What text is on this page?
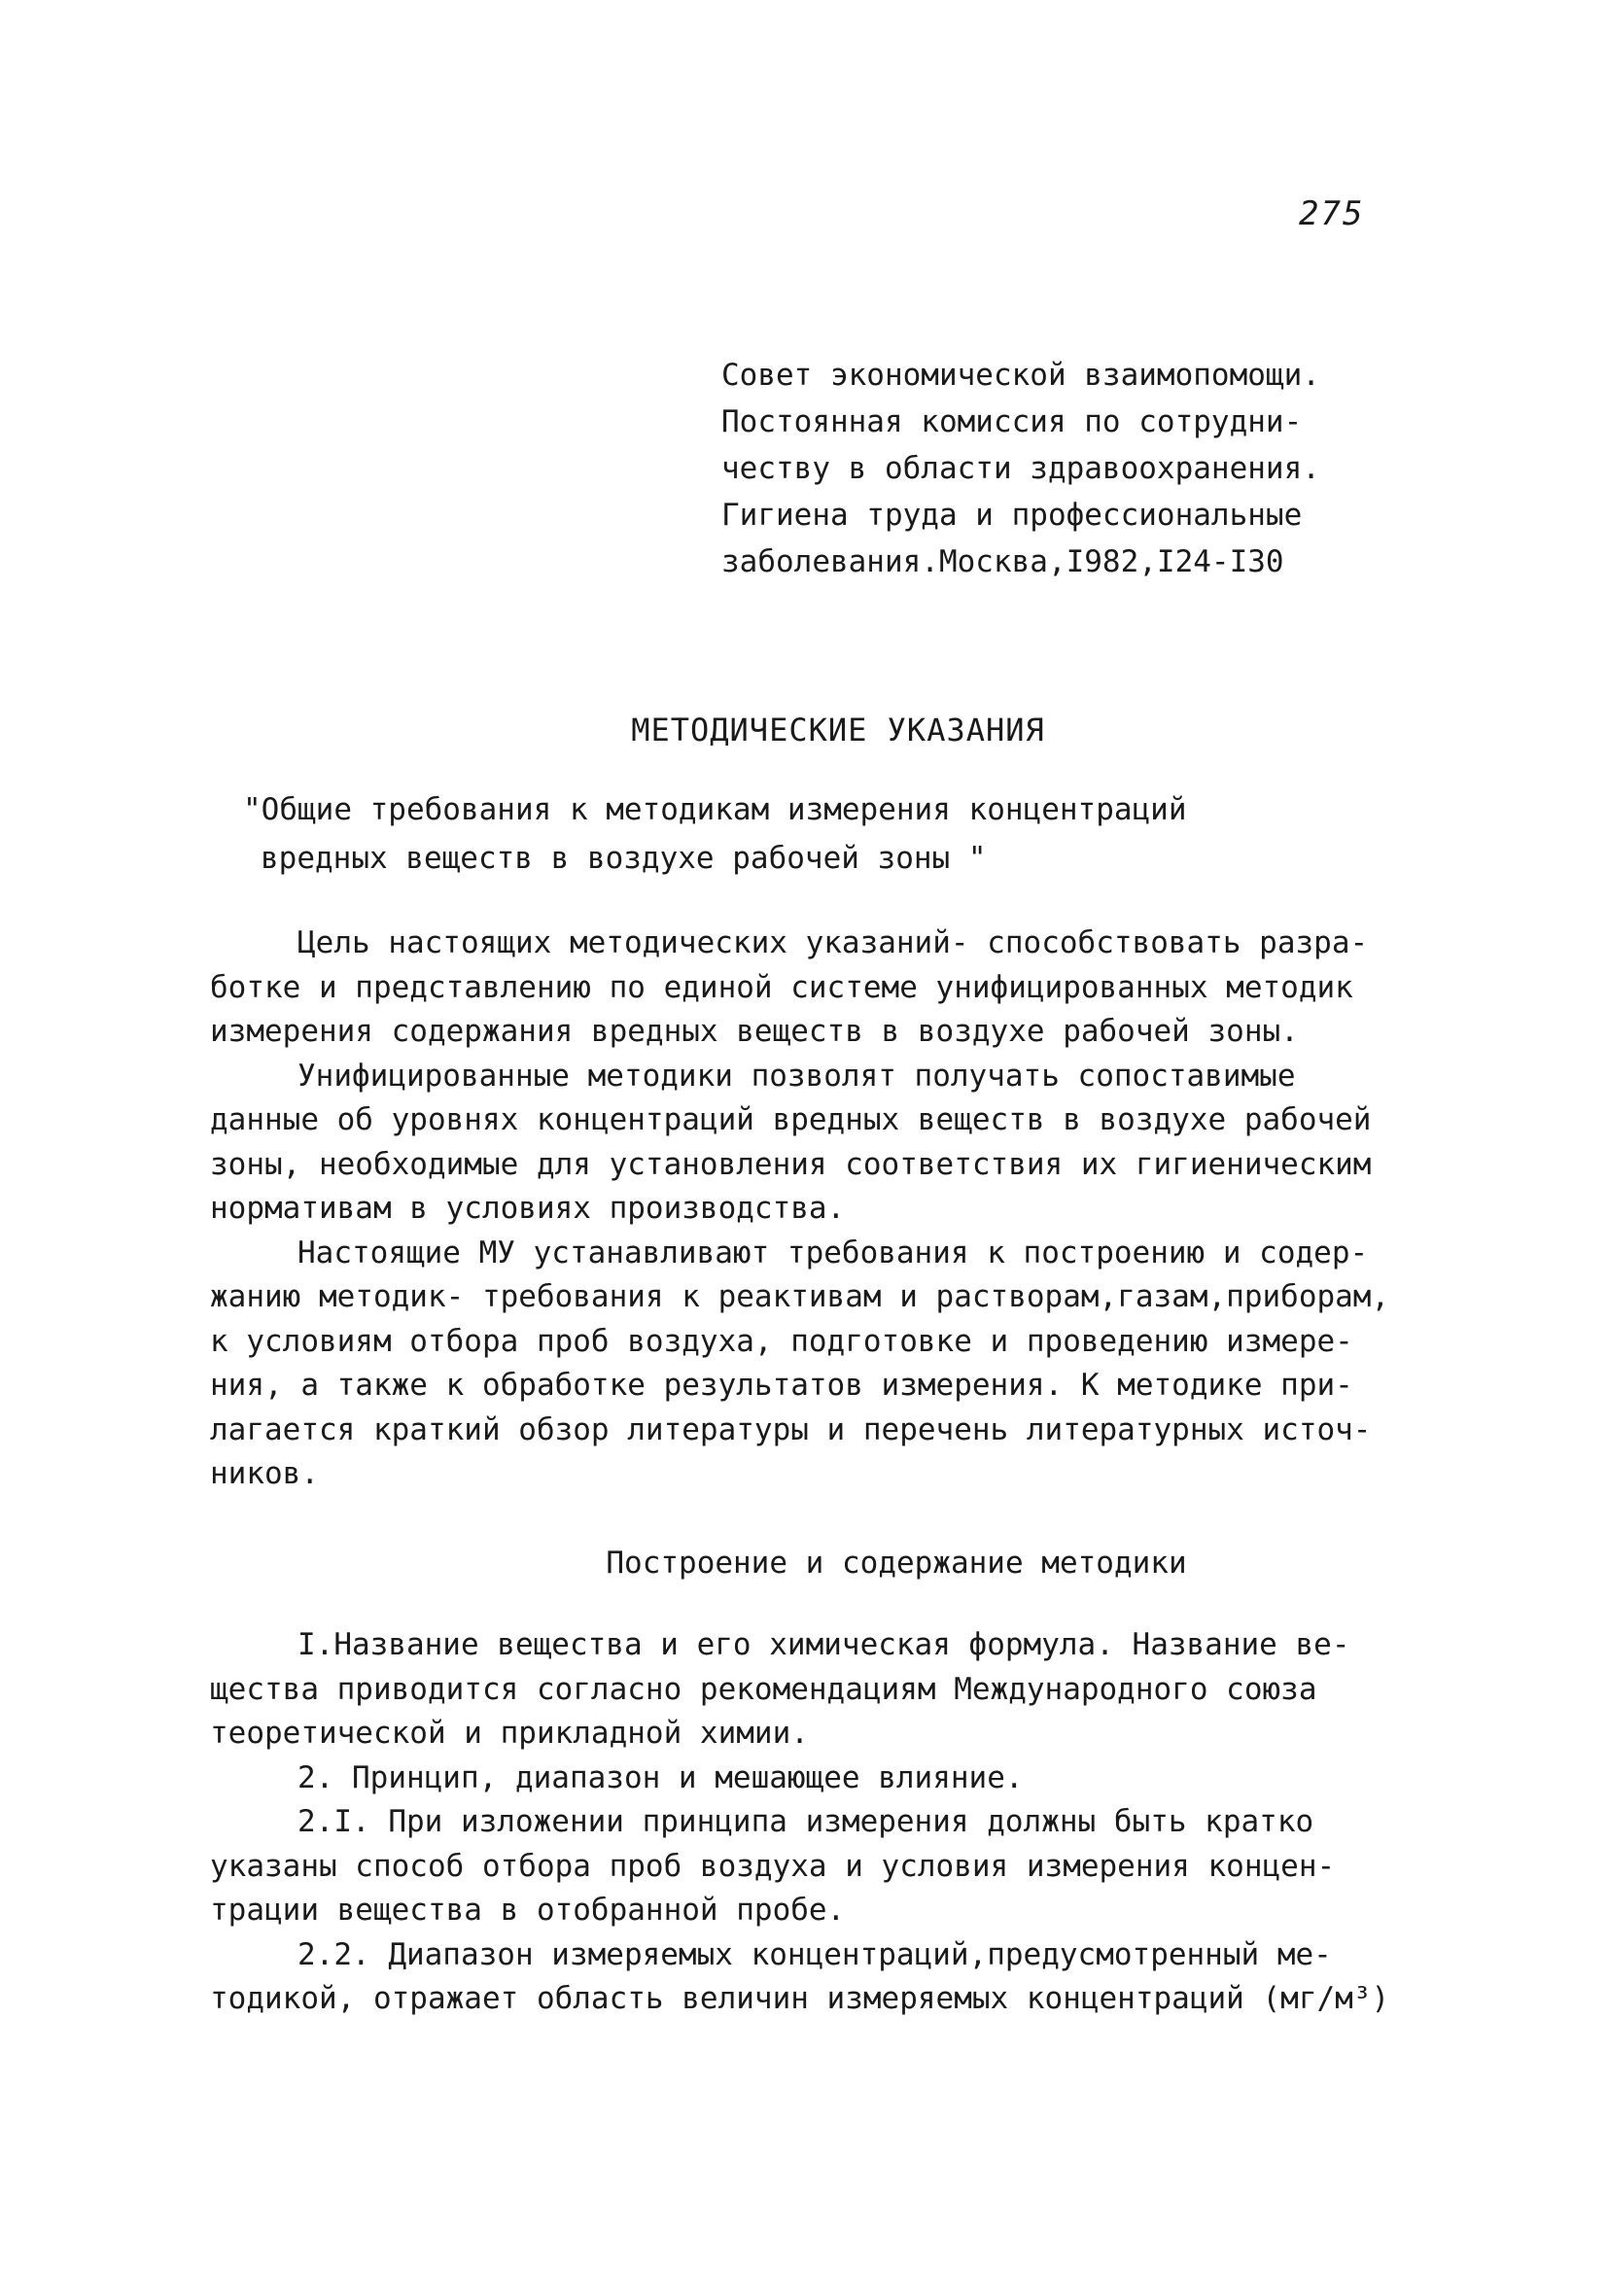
275
Совет экономической взаимопомощи.
Постоянная комиссия по сотрудни-
честву в области здравоохранения.
Гигиена труда и профессиональные
заболевания.Москва,I982,I24-I30
МЕТОДИЧЕСКИЕ УКАЗАНИЯ
"Общие требования к методикам измерения концентраций
вредных веществ в воздухе рабочей зоны "
Цель настоящих методических указаний- способствовать разра-
ботке и представлению по единой системе унифицированных методик
измерения содержания вредных веществ в воздухе рабочей зоны.
Унифицированные методики позволят получать сопоставимые
данные об уровнях концентраций вредных веществ в воздухе рабочей
зоны, необходимые для установления соответствия их гигиеническим
нормативам в условиях производства.
Настоящие МУ устанавливают требования к построению и содер-
жанию методик- требования к реактивам и растворам,газам,приборам,
к условиям отбора проб воздуха, подготовке и проведению измере-
ния, а также к обработке результатов измерения. К методике при-
лагается краткий обзор литературы и перечень литературных источ-
ников.
Построение и содержание методики
I.Название вещества и его химическая формула. Название ве-
щества приводится согласно рекомендациям Международного союза
теоретической и прикладной химии.
2. Принцип, диапазон и мешающее влияние.
2.I. При изложении принципа измерения должны быть кратко
указаны способ отбора проб воздуха и условия измерения концен-
трации вещества в отобранной пробе.
2.2. Диапазон измеряемых концентраций,предусмотренный ме-
тодикой, отражает область величин измеряемых концентраций (мг/м³)
